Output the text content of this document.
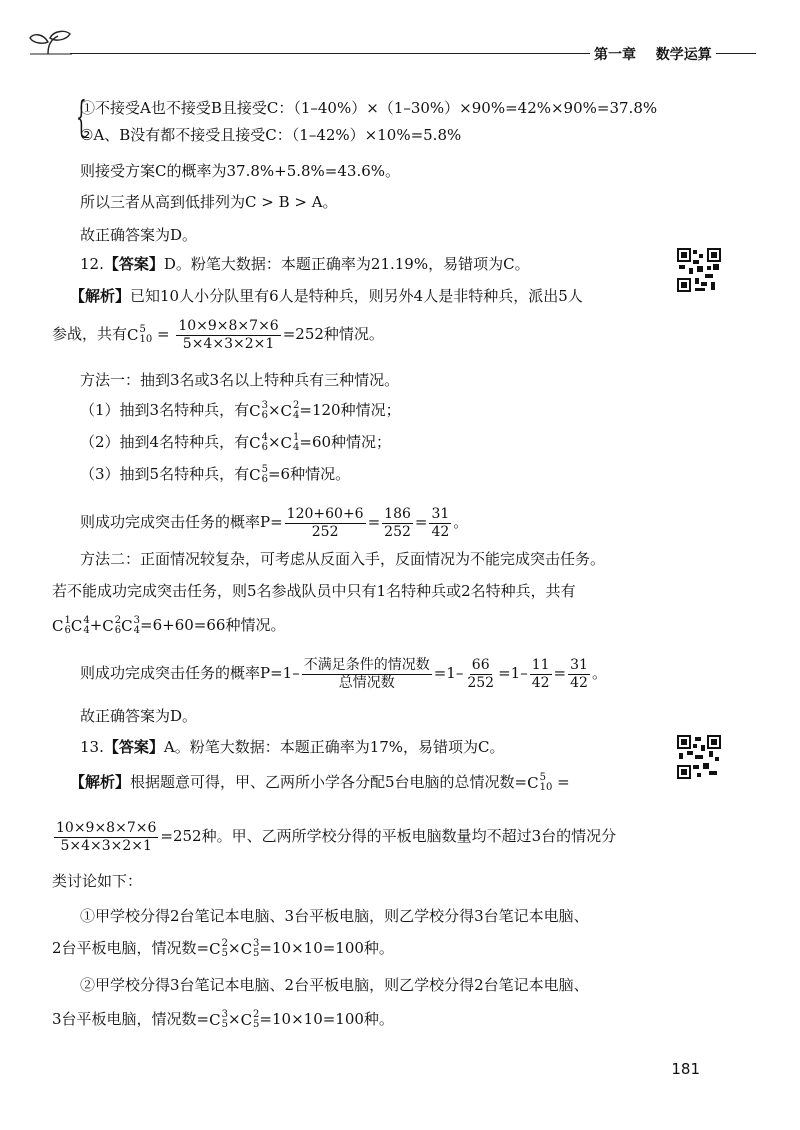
第一章 数学运算
{
①不接受A也不接受B且接受C：（1–40%）×（1–30%）×90%=42%×90%=37.8%
②A、B没有都不接受且接受C：（1–42%）×10%=5.8%
则接受方案C的概率为37.8%+5.8%=43.6%。
所以三者从高到低排列为C > B > A。
故正确答案为D。
12.【答案】D。粉笔大数据：本题正确率为21.19%，易错项为C。
【解析】已知10人小分队里有6人是特种兵，则另外4人是非特种兵，派出5人
参战，共有 C 5
$10 = \frac{10\times 9\times 8\times 7\times 6}{5\times 4\times 3\times 2\times 1} =252$种情况。
方法一：抽到3名或3名以上特种兵有三种情况。
（1）抽到3名特种兵，有 C 3
6 × C 2
4 =120种情况；
（2）抽到4名特种兵，有 C 4
6 × C 1
4 =60种情况；
（3）抽到5名特种兵，有 C 5
6 =6种情况。
则成功完成突击任务的概率$P= \frac{120+60+6}{252} = \frac{186}{252} = \frac{31}{42}$ 。
方法二：正面情况较复杂，可考虑从反面入手，反面情况为不能完成突击任务。
若不能成功完成突击任务，则5名参战队员中只有1名特种兵或2名特种兵，共有
C 1
6 C 4
4 + C 2
6 C 3
4 =6+60=66种情况。
则成功完成突击任务的概率$P=1- \frac{\text{不满足条件的情况数}}{\text{总情况数}} =1- \frac{66}{252} =1- \frac{11}{42} = \frac{31}{42}$ 。
故正确答案为D。
13.【答案】A。粉笔大数据：本题正确率为17%，易错项为C。
【解析】根据题意可得，甲、乙两所小学各分配5台电脑的总情况数= C 5
10 =
$\frac{10\times 9\times 8\times 7\times 6}{5\times 4\times 3\times 2\times 1} =252$种。甲、乙两所学校分得的平板电脑数量均不超过3台的情况分
类讨论如下：
①甲学校分得2台笔记本电脑、3台平板电脑，则乙学校分得3台笔记本电脑、
2台平板电脑，情况数= C 2
5 × C 3
5 =10×10=100种。
②甲学校分得3台笔记本电脑、2台平板电脑，则乙学校分得2台笔记本电脑、
3台平板电脑，情况数= C 3
5 × C 2
5 =10×10=100种。
181
